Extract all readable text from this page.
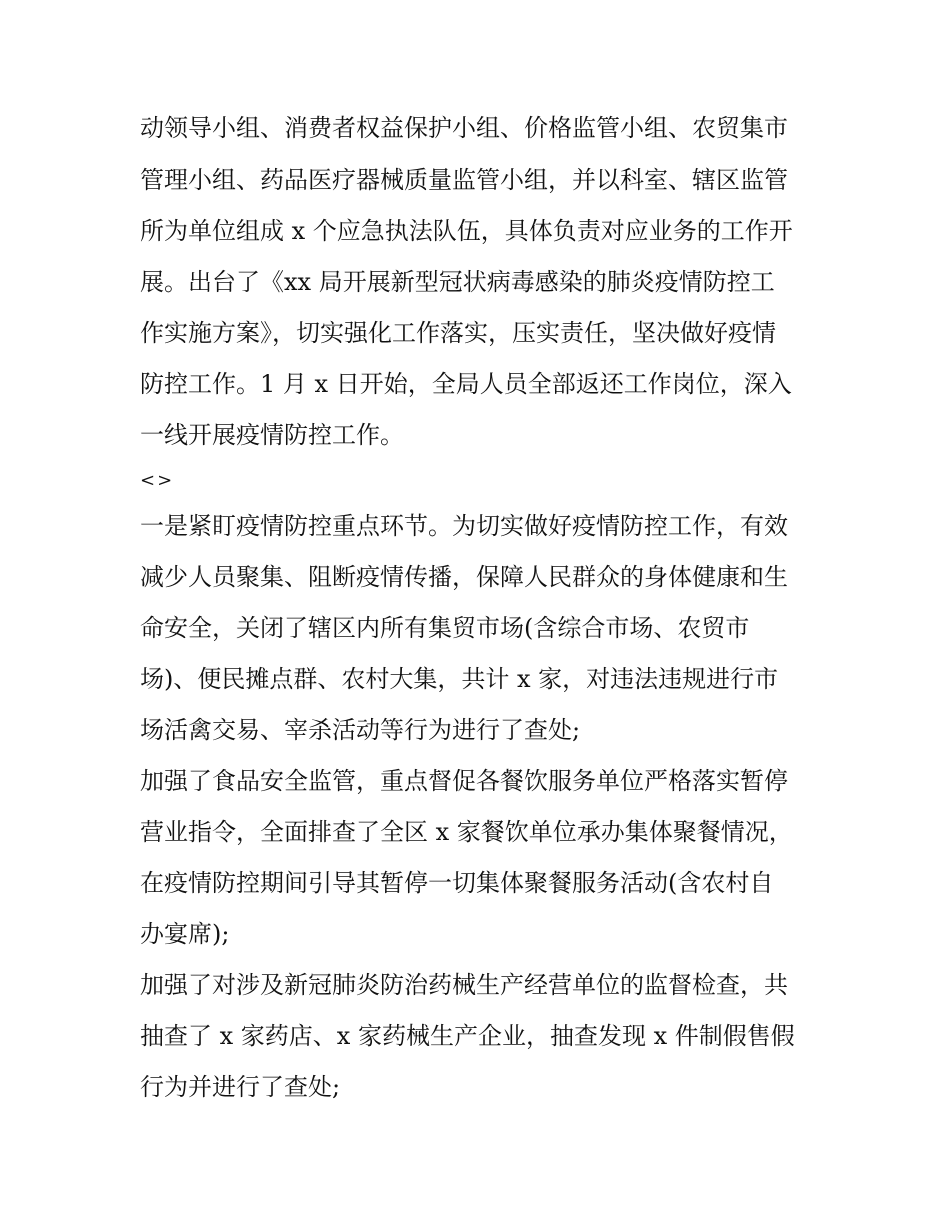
动领导小组、消费者权益保护小组、价格监管小组、农贸集市
管理小组、药品医疗器械质量监管小组，并以科室、辖区监管
所为单位组成 x 个应急执法队伍，具体负责对应业务的工作开
展。出台了《xx 局开展新型冠状病毒感染的肺炎疫情防控工
作实施方案》，切实强化工作落实，压实责任，坚决做好疫情
防控工作。1 月 x 日开始，全局人员全部返还工作岗位，深入
一线开展疫情防控工作。
<>
一是紧盯疫情防控重点环节。为切实做好疫情防控工作，有效
减少人员聚集、阻断疫情传播，保障人民群众的身体健康和生
命安全，关闭了辖区内所有集贸市场(含综合市场、农贸市
场)、便民摊点群、农村大集，共计 x 家，对违法违规进行市
场活禽交易、宰杀活动等行为进行了查处;
加强了食品安全监管，重点督促各餐饮服务单位严格落实暂停
营业指令，全面排查了全区 x 家餐饮单位承办集体聚餐情况，
在疫情防控期间引导其暂停一切集体聚餐服务活动(含农村自
办宴席);
加强了对涉及新冠肺炎防治药械生产经营单位的监督检查，共
抽查了 x 家药店、x 家药械生产企业，抽查发现 x 件制假售假
行为并进行了查处;
